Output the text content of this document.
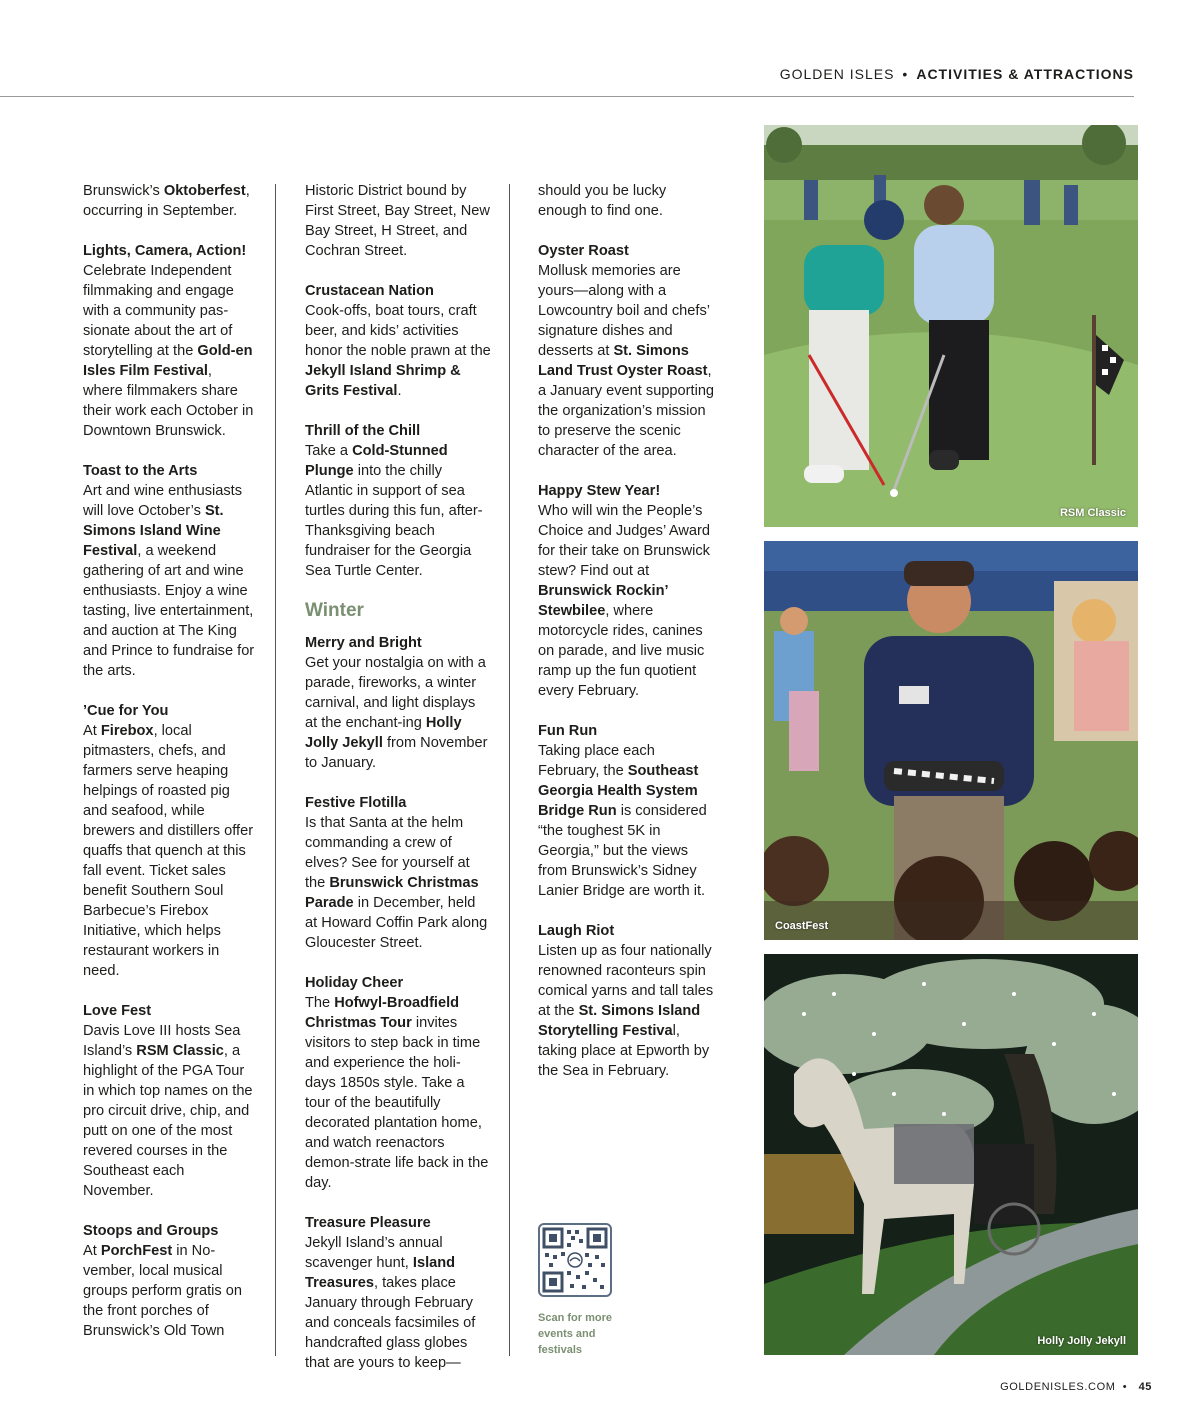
GOLDEN ISLES • ACTIVITIES & ATTRACTIONS

Brunswick’s Oktoberfest, occurring in September.

Lights, Camera, Action!
Celebrate Independent filmmaking and engage with a community pas-sionate about the art of storytelling at the Gold-en Isles Film Festival, where filmmakers share their work each October in Downtown Brunswick.

Toast to the Arts
Art and wine enthusiasts will love October’s St. Simons Island Wine Festival, a weekend gathering of art and wine enthusiasts. Enjoy a wine tasting, live entertainment, and auction at The King and Prince to fundraise for the arts.

’Cue for You
At Firebox, local pitmasters, chefs, and farmers serve heaping helpings of roasted pig and seafood, while brewers and distillers offer quaffs that quench at this fall event. Ticket sales benefit Southern Soul Barbecue’s Firebox Initiative, which helps restaurant workers in need.

Love Fest
Davis Love III hosts Sea Island’s RSM Classic, a highlight of the PGA Tour in which top names on the pro circuit drive, chip, and putt on one of the most revered courses in the Southeast each November.

Stoops and Groups
At PorchFest in No-vember, local musical groups perform gratis on the front porches of Brunswick’s Old Town

Historic District bound by First Street, Bay Street, New Bay Street, H Street, and Cochran Street.

Crustacean Nation
Cook-offs, boat tours, craft beer, and kids’ activities honor the noble prawn at the Jekyll Island Shrimp & Grits Festival.

Thrill of the Chill
Take a Cold-Stunned Plunge into the chilly Atlantic in support of sea turtles during this fun, after-Thanksgiving beach fundraiser for the Georgia Sea Turtle Center.

Winter

Merry and Bright
Get your nostalgia on with a parade, fireworks, a winter carnival, and light displays at the enchant-ing Holly Jolly Jekyll from November to January.

Festive Flotilla
Is that Santa at the helm commanding a crew of elves? See for yourself at the Brunswick Christmas Parade in December, held at Howard Coffin Park along Gloucester Street.

Holiday Cheer
The Hofwyl-Broadfield Christmas Tour invites visitors to step back in time and experience the holi-days 1850s style. Take a tour of the beautifully decorated plantation home, and watch reenactors demon-strate life back in the day.

Treasure Pleasure
Jekyll Island’s annual scavenger hunt, Island Treasures, takes place January through February and conceals facsimiles of handcrafted glass globes that are yours to keep—

should you be lucky enough to find one.

Oyster Roast
Mollusk memories are yours—along with a Lowcountry boil and chefs’ signature dishes and desserts at St. Simons Land Trust Oyster Roast, a January event supporting the organization’s mission to preserve the scenic character of the area.

Happy Stew Year!
Who will win the People’s Choice and Judges’ Award for their take on Brunswick stew? Find out at Brunswick Rockin’ Stewbilee, where motorcycle rides, canines on parade, and live music ramp up the fun quotient every February.

Fun Run
Taking place each February, the Southeast Georgia Health System Bridge Run is considered “the toughest 5K in Georgia,” but the views from Brunswick’s Sidney Lanier Bridge are worth it.

Laugh Riot
Listen up as four nationally renowned raconteurs spin comical yarns and tall tales at the St. Simons Island Storytelling Festival, taking place at Epworth by the Sea in February.

Scan for more events and festivals
RSM Classic
CoastFest
Holly Jolly Jekyll
GOLDENISLES.COM  •  45
